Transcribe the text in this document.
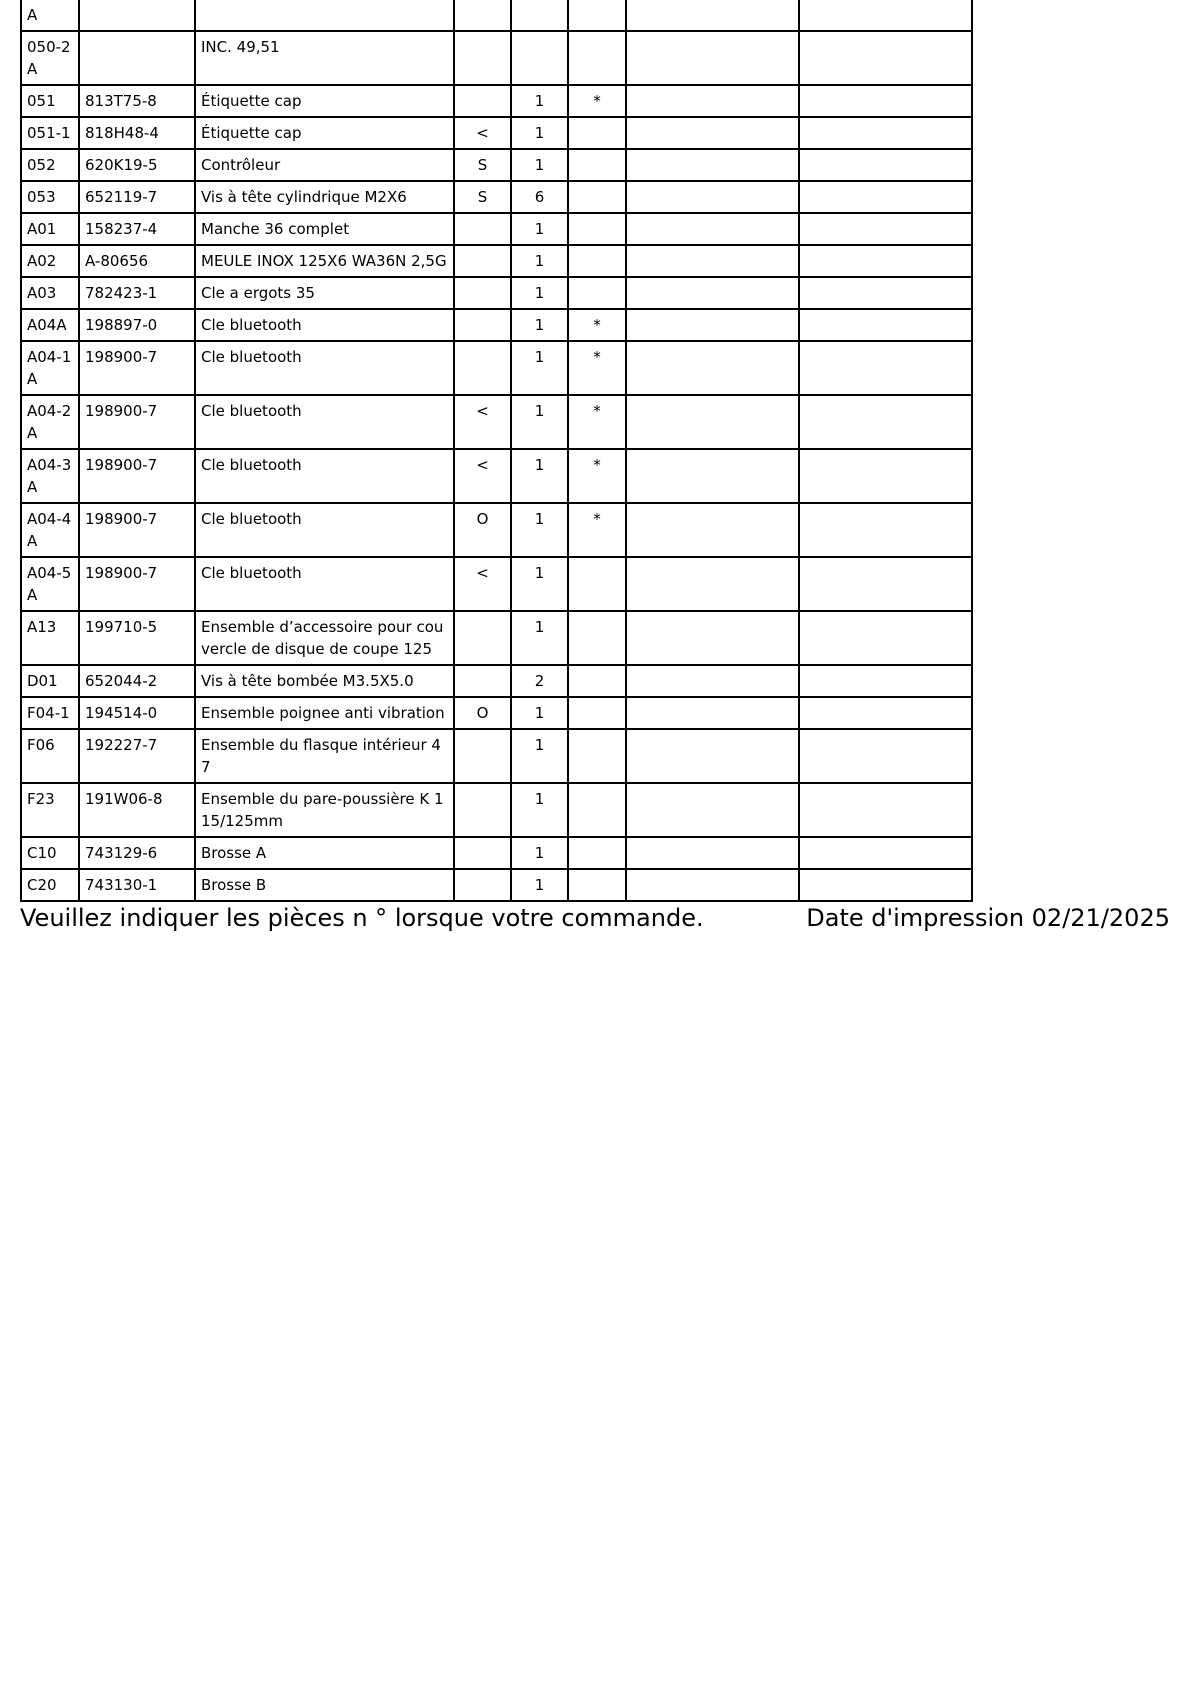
A							
050-2A		INC. 49,51					
051	813T75-8	Étiquette cap		1	*		
051-1	818H48-4	Étiquette cap	<	1			
052	620K19-5	Contrôleur	S	1			
053	652119-7	Vis à tête cylindrique M2X6	S	6			
A01	158237-4	Manche 36 complet		1			
A02	A-80656	MEULE INOX 125X6 WA36N 2,5G		1			
A03	782423-1	Cle a ergots 35		1			
A04A	198897-0	Cle bluetooth		1	*		
A04-1A	198900-7	Cle bluetooth		1	*		
A04-2A	198900-7	Cle bluetooth	<	1	*		
A04-3A	198900-7	Cle bluetooth	<	1	*		
A04-4A	198900-7	Cle bluetooth	O	1	*		
A04-5A	198900-7	Cle bluetooth	<	1			
A13	199710-5	Ensemble d’accessoire pour couvercle de disque de coupe 125		1			
D01	652044-2	Vis à tête bombée M3.5X5.0		2			
F04-1	194514-0	Ensemble poignee anti vibration	O	1			
F06	192227-7	Ensemble du flasque intérieur 47		1			
F23	191W06-8	Ensemble du pare-poussière K 115/125mm		1			
C10	743129-6	Brosse A		1			
C20	743130-1	Brosse B		1			
Veuillez indiquer les pièces n ° lorsque votre commande.	Date d'impression 02/21/2025
